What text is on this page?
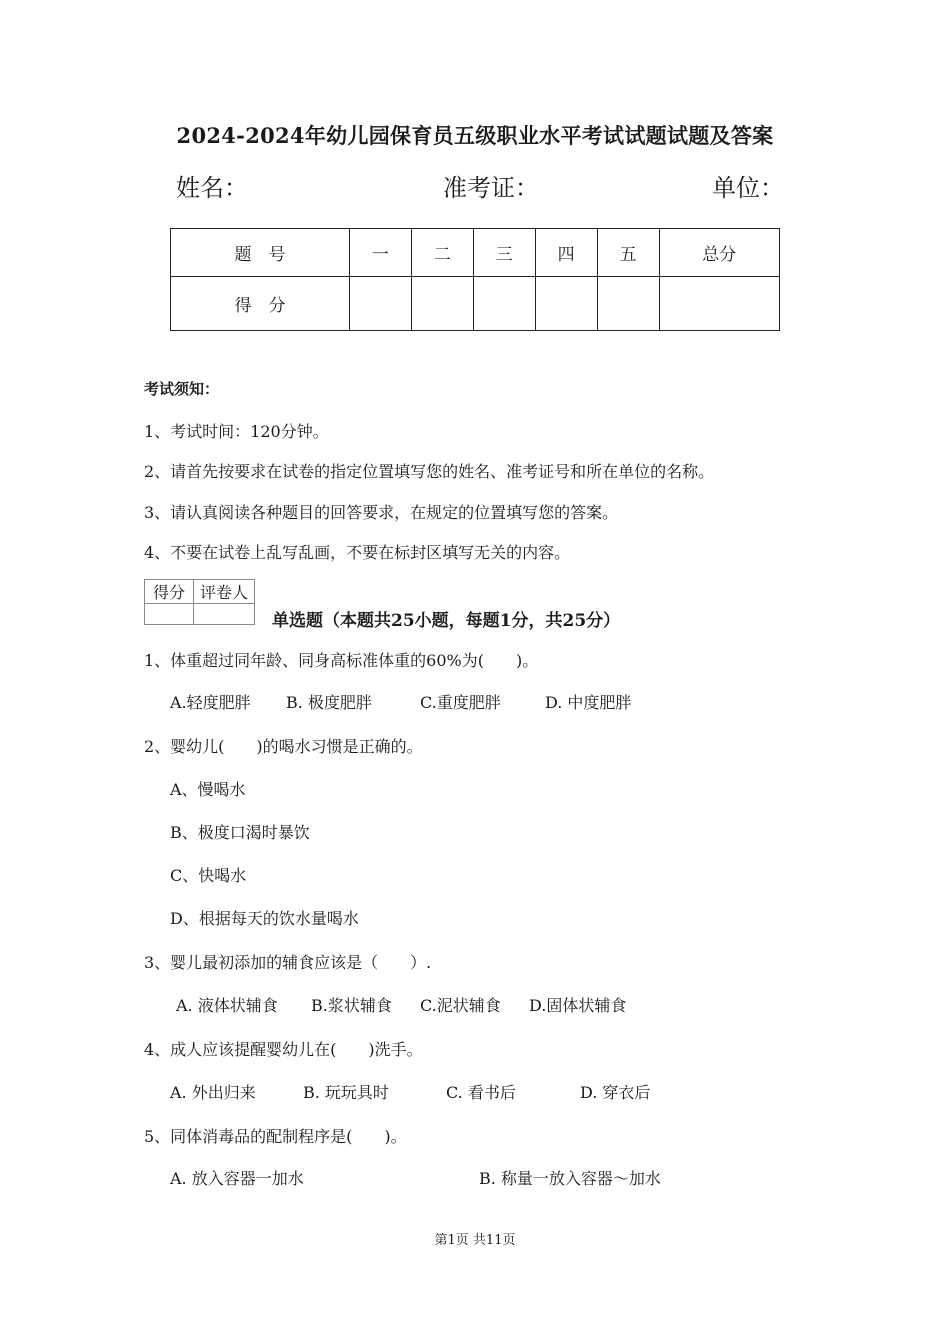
2024-2024年幼儿园保育员五级职业水平考试试题试题及答案
姓名：	准考证：	单位：
题　号	一	二	三	四	五	总分
得　分						
考试须知：
1、考试时间：120分钟。
2、请首先按要求在试卷的指定位置填写您的姓名、准考证号和所在单位的名称。
3、请认真阅读各种题目的回答要求，在规定的位置填写您的答案。
4、不要在试卷上乱写乱画，不要在标封区填写无关的内容。
得分	评卷人

单选题（本题共25小题，每题1分，共25分）
1、体重超过同年龄、同身高标准体重的60%为(　　)。
A.轻度肥胖 B. 极度肥胖	C.重度肥胖	D. 中度肥胖
2、婴幼儿(　　)的喝水习惯是正确的。
A、慢喝水
B、极度口渴时暴饮
C、快喝水
D、根据每天的饮水量喝水
3、婴儿最初添加的辅食应该是（　　）.
A. 液体状辅食 B.浆状辅食 C.泥状辅食 D.固体状辅食
4、成人应该提醒婴幼儿在(　　)洗手。
A. 外出归来	B. 玩玩具时	C. 看书后	D. 穿衣后
5、同体消毒品的配制程序是(　　)。
A. 放入容器一加水	B. 称量一放入容器～加水
第1页 共11页
